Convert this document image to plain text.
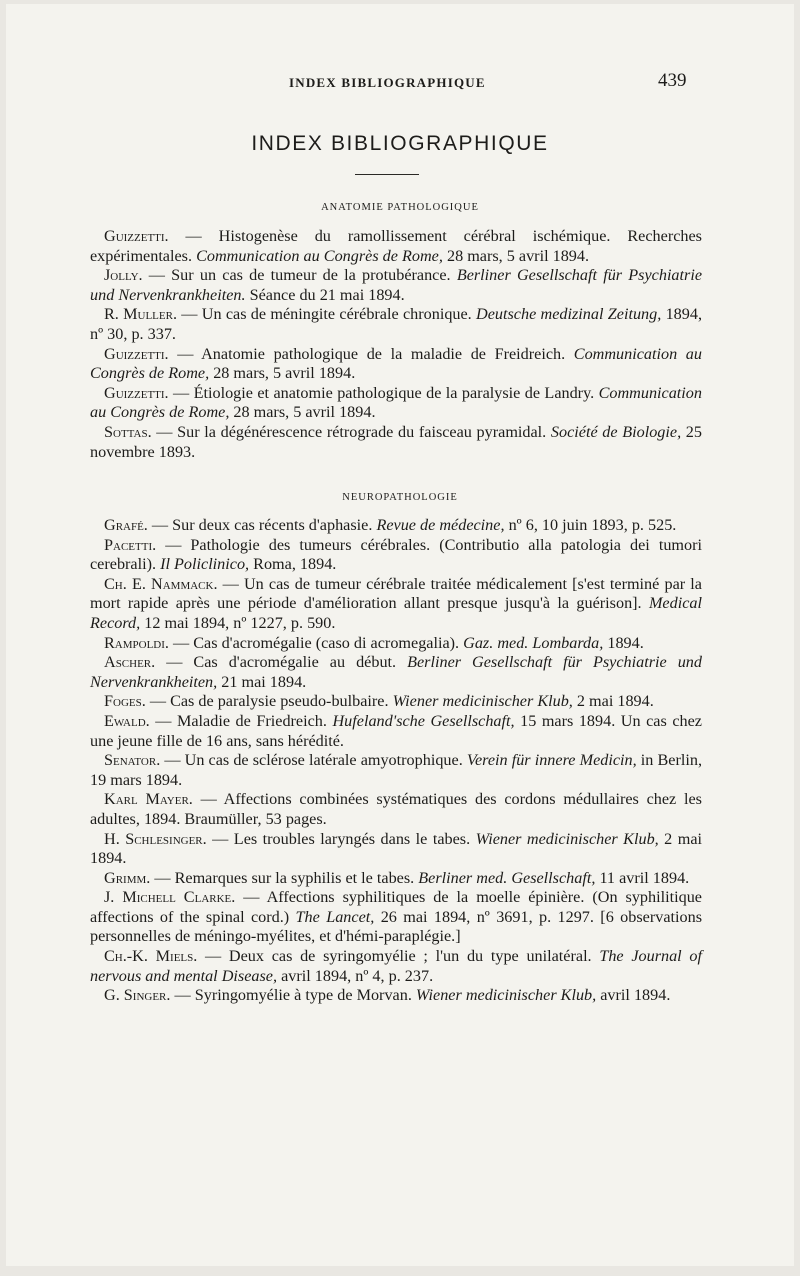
INDEX BIBLIOGRAPHIQUE	439
INDEX BIBLIOGRAPHIQUE
ANATOMIE PATHOLOGIQUE

Guizzetti. — Histogenèse du ramollissement cérébral ischémique. Recherches expérimentales. Communication au Congrès de Rome, 28 mars, 5 avril 1894.

Jolly. — Sur un cas de tumeur de la protubérance. Berliner Gesellschaft für Psychiatrie und Nervenkrankheiten. Séance du 21 mai 1894.

R. Muller. — Un cas de méningite cérébrale chronique. Deutsche medizinal Zeitung, 1894, nº 30, p. 337.

Guizzetti. — Anatomie pathologique de la maladie de Freidreich. Communication au Congrès de Rome, 28 mars, 5 avril 1894.

Guizzetti. — Étiologie et anatomie pathologique de la paralysie de Landry. Communication au Congrès de Rome, 28 mars, 5 avril 1894.

Sottas. — Sur la dégénérescence rétrograde du faisceau pyramidal. Société de Biologie, 25 novembre 1893.

NEUROPATHOLOGIE

Grafé. — Sur deux cas récents d'aphasie. Revue de médecine, nº 6, 10 juin 1893, p. 525.

Pacetti. — Pathologie des tumeurs cérébrales. (Contributio alla patologia dei tumori cerebrali). Il Policlinico, Roma, 1894.

Ch. E. Nammack. — Un cas de tumeur cérébrale traitée médicalement [s'est terminé par la mort rapide après une période d'amélioration allant presque jusqu'à la guérison]. Medical Record, 12 mai 1894, nº 1227, p. 590.

Rampoldi. — Cas d'acromégalie (caso di acromegalia). Gaz. med. Lombarda, 1894.

Ascher. — Cas d'acromégalie au début. Berliner Gesellschaft für Psychiatrie und Nervenkrankheiten, 21 mai 1894.

Foges. — Cas de paralysie pseudo-bulbaire. Wiener medicinischer Klub, 2 mai 1894.

Ewald. — Maladie de Friedreich. Hufeland'sche Gesellschaft, 15 mars 1894. Un cas chez une jeune fille de 16 ans, sans hérédité.

Senator. — Un cas de sclérose latérale amyotrophique. Verein für innere Medicin, in Berlin, 19 mars 1894.

Karl Mayer. — Affections combinées systématiques des cordons médullaires chez les adultes, 1894. Braumüller, 53 pages.

H. Schlesinger. — Les troubles laryngés dans le tabes. Wiener medicinischer Klub, 2 mai 1894.

Grimm. — Remarques sur la syphilis et le tabes. Berliner med. Gesellschaft, 11 avril 1894.

J. Michell Clarke. — Affections syphilitiques de la moelle épinière. (On syphilitique affections of the spinal cord.) The Lancet, 26 mai 1894, nº 3691, p. 1297. [6 observations personnelles de méningo-myélites, et d'hémi-paraplégie.]

Ch.-K. Miels. — Deux cas de syringomyélie ; l'un du type unilatéral. The Journal of nervous and mental Disease, avril 1894, nº 4, p. 237.

G. Singer. — Syringomyélie à type de Morvan. Wiener medicinischer Klub, avril 1894.
